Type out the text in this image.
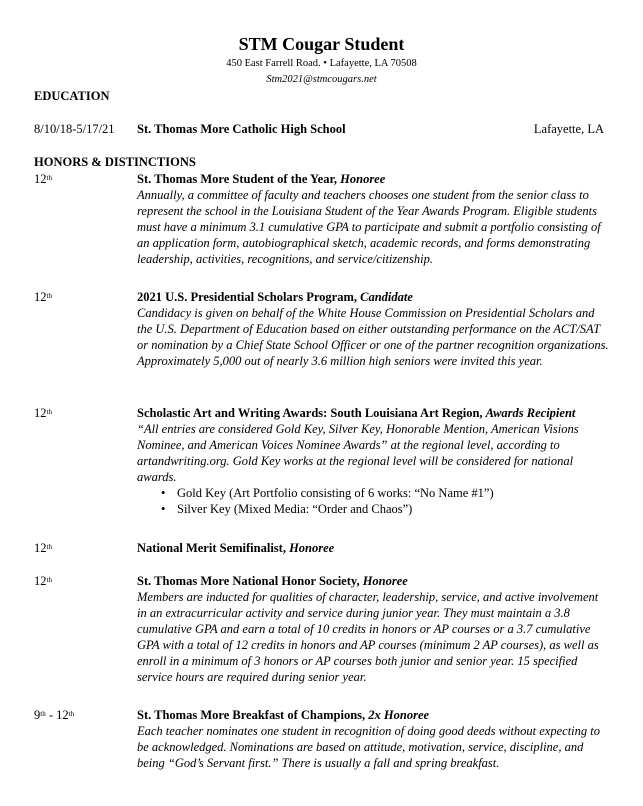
STM Cougar Student
450 East Farrell Road. • Lafayette, LA 70508
Stm2021@stmcougars.net
EDUCATION
8/10/18-5/17/21 St. Thomas More Catholic High School	Lafayette, LA
HONORS & DISTINCTIONS
12th	St. Thomas More Student of the Year, Honoree
Annually, a committee of faculty and teachers chooses one student from the senior class to represent the school in the Louisiana Student of the Year Awards Program. Eligible students must have a minimum 3.1 cumulative GPA to participate and submit a portfolio consisting of an application form, autobiographical sketch, academic records, and forms demonstrating leadership, activities, recognitions, and service/citizenship.
12th	2021 U.S. Presidential Scholars Program, Candidate
Candidacy is given on behalf of the White House Commission on Presidential Scholars and the U.S. Department of Education based on either outstanding performance on the ACT/SAT or nomination by a Chief State School Officer or one of the partner recognition organizations. Approximately 5,000 out of nearly 3.6 million high seniors were invited this year.
12th	Scholastic Art and Writing Awards: South Louisiana Art Region, Awards Recipient
“All entries are considered Gold Key, Silver Key, Honorable Mention, American Visions Nominee, and American Voices Nominee Awards” at the regional level, according to artandwriting.org. Gold Key works at the regional level will be considered for national awards.
• Gold Key (Art Portfolio consisting of 6 works: “No Name #1”)
• Silver Key (Mixed Media: “Order and Chaos”)
12th	National Merit Semifinalist, Honoree
12th	St. Thomas More National Honor Society, Honoree
Members are inducted for qualities of character, leadership, service, and active involvement in an extracurricular activity and service during junior year. They must maintain a 3.8 cumulative GPA and earn a total of 10 credits in honors or AP courses or a 3.7 cumulative GPA with a total of 12 credits in honors and AP courses (minimum 2 AP courses), as well as enroll in a minimum of 3 honors or AP courses both junior and senior year. 15 specified service hours are required during senior year.
9th - 12th	St. Thomas More Breakfast of Champions, 2x Honoree
Each teacher nominates one student in recognition of doing good deeds without expecting to be acknowledged. Nominations are based on attitude, motivation, service, discipline, and being “God’s Servant first.” There is usually a fall and spring breakfast.
